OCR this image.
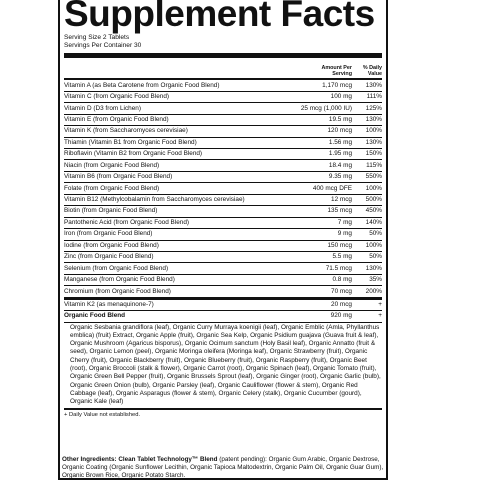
Supplement Facts
Serving Size 2 Tablets
Servings Per Container 30
Amount Per Serving
% Daily Value
Vitamin A (as Beta Carotene from Organic Food Blend)	1,170 mcg	130%
Vitamin C (from Organic Food Blend)	100 mg	111%
Vitamin D (D3 from Lichen)	25 mcg (1,000 IU)	125%
Vitamin E (from Organic Food Blend)	19.5 mg	130%
Vitamin K (from Saccharomyces cerevisiae)	120 mcg	100%
Thiamin (Vitamin B1 from Organic Food Blend)	1.56 mg	130%
Riboflavin (Vitamin B2 from Organic Food Blend)	1.95 mg	150%
Niacin (from Organic Food Blend)	18.4 mg	115%
Vitamin B6 (from Organic Food Blend)	9.35 mg	550%
Folate (from Organic Food Blend)	400 mcg DFE	100%
Vitamin B12 (Methylcobalamin from Saccharomyces cerevisiae)	12 mcg	500%
Biotin (from Organic Food Blend)	135 mcg	450%
Pantothenic Acid (from Organic Food Blend)	7 mg	140%
Iron (from Organic Food Blend)	9 mg	50%
Iodine (from Organic Food Blend)	150 mcg	100%
Zinc (from Organic Food Blend)	5.5 mg	50%
Selenium (from Organic Food Blend)	71.5 mcg	130%
Manganese (from Organic Food Blend)	0.8 mg	35%
Chromium (from Organic Food Blend)	70 mcg	200%
Vitamin K2 (as menaquinone-7)	20 mcg	+
Organic Food Blend	920 mg	+
Organic Sesbania grandiflora (leaf), Organic Curry Murraya koenigii (leaf), Organic Emblic (Amla, Phyllanthus emblica) (fruit) Extract, Organic Apple (fruit), Organic Sea Kelp, Organic Psidium guajava (Guava fruit & leaf), Organic Mushroom (Agaricus bisporus), Organic Ocimum sanctum (Holy Basil leaf), Organic Annatto (fruit & seed), Organic Lemon (peel), Organic Moringa oleifera (Moringa leaf), Organic Strawberry (fruit), Organic Cherry (fruit), Organic Blackberry (fruit), Organic Blueberry (fruit), Organic Raspberry (fruit), Organic Beet (root), Organic Broccoli (stalk & flower), Organic Carrot (root), Organic Spinach (leaf), Organic Tomato (fruit), Organic Green Bell Pepper (fruit), Organic Brussels Sprout (leaf), Organic Ginger (root), Organic Garlic (bulb), Organic Green Onion (bulb), Organic Parsley (leaf), Organic Cauliflower (flower & stem), Organic Red Cabbage (leaf), Organic Asparagus (flower & stem), Organic Celery (stalk), Organic Cucumber (gourd), Organic Kale (leaf)
+ Daily Value not established.
Other Ingredients: Clean Tablet Technology™ Blend (patent pending): Organic Gum Arabic, Organic Dextrose, Organic Coating (Organic Sunflower Lecithin, Organic Tapioca Maltodextrin, Organic Palm Oil, Organic Guar Gum), Organic Brown Rice, Organic Potato Starch.
